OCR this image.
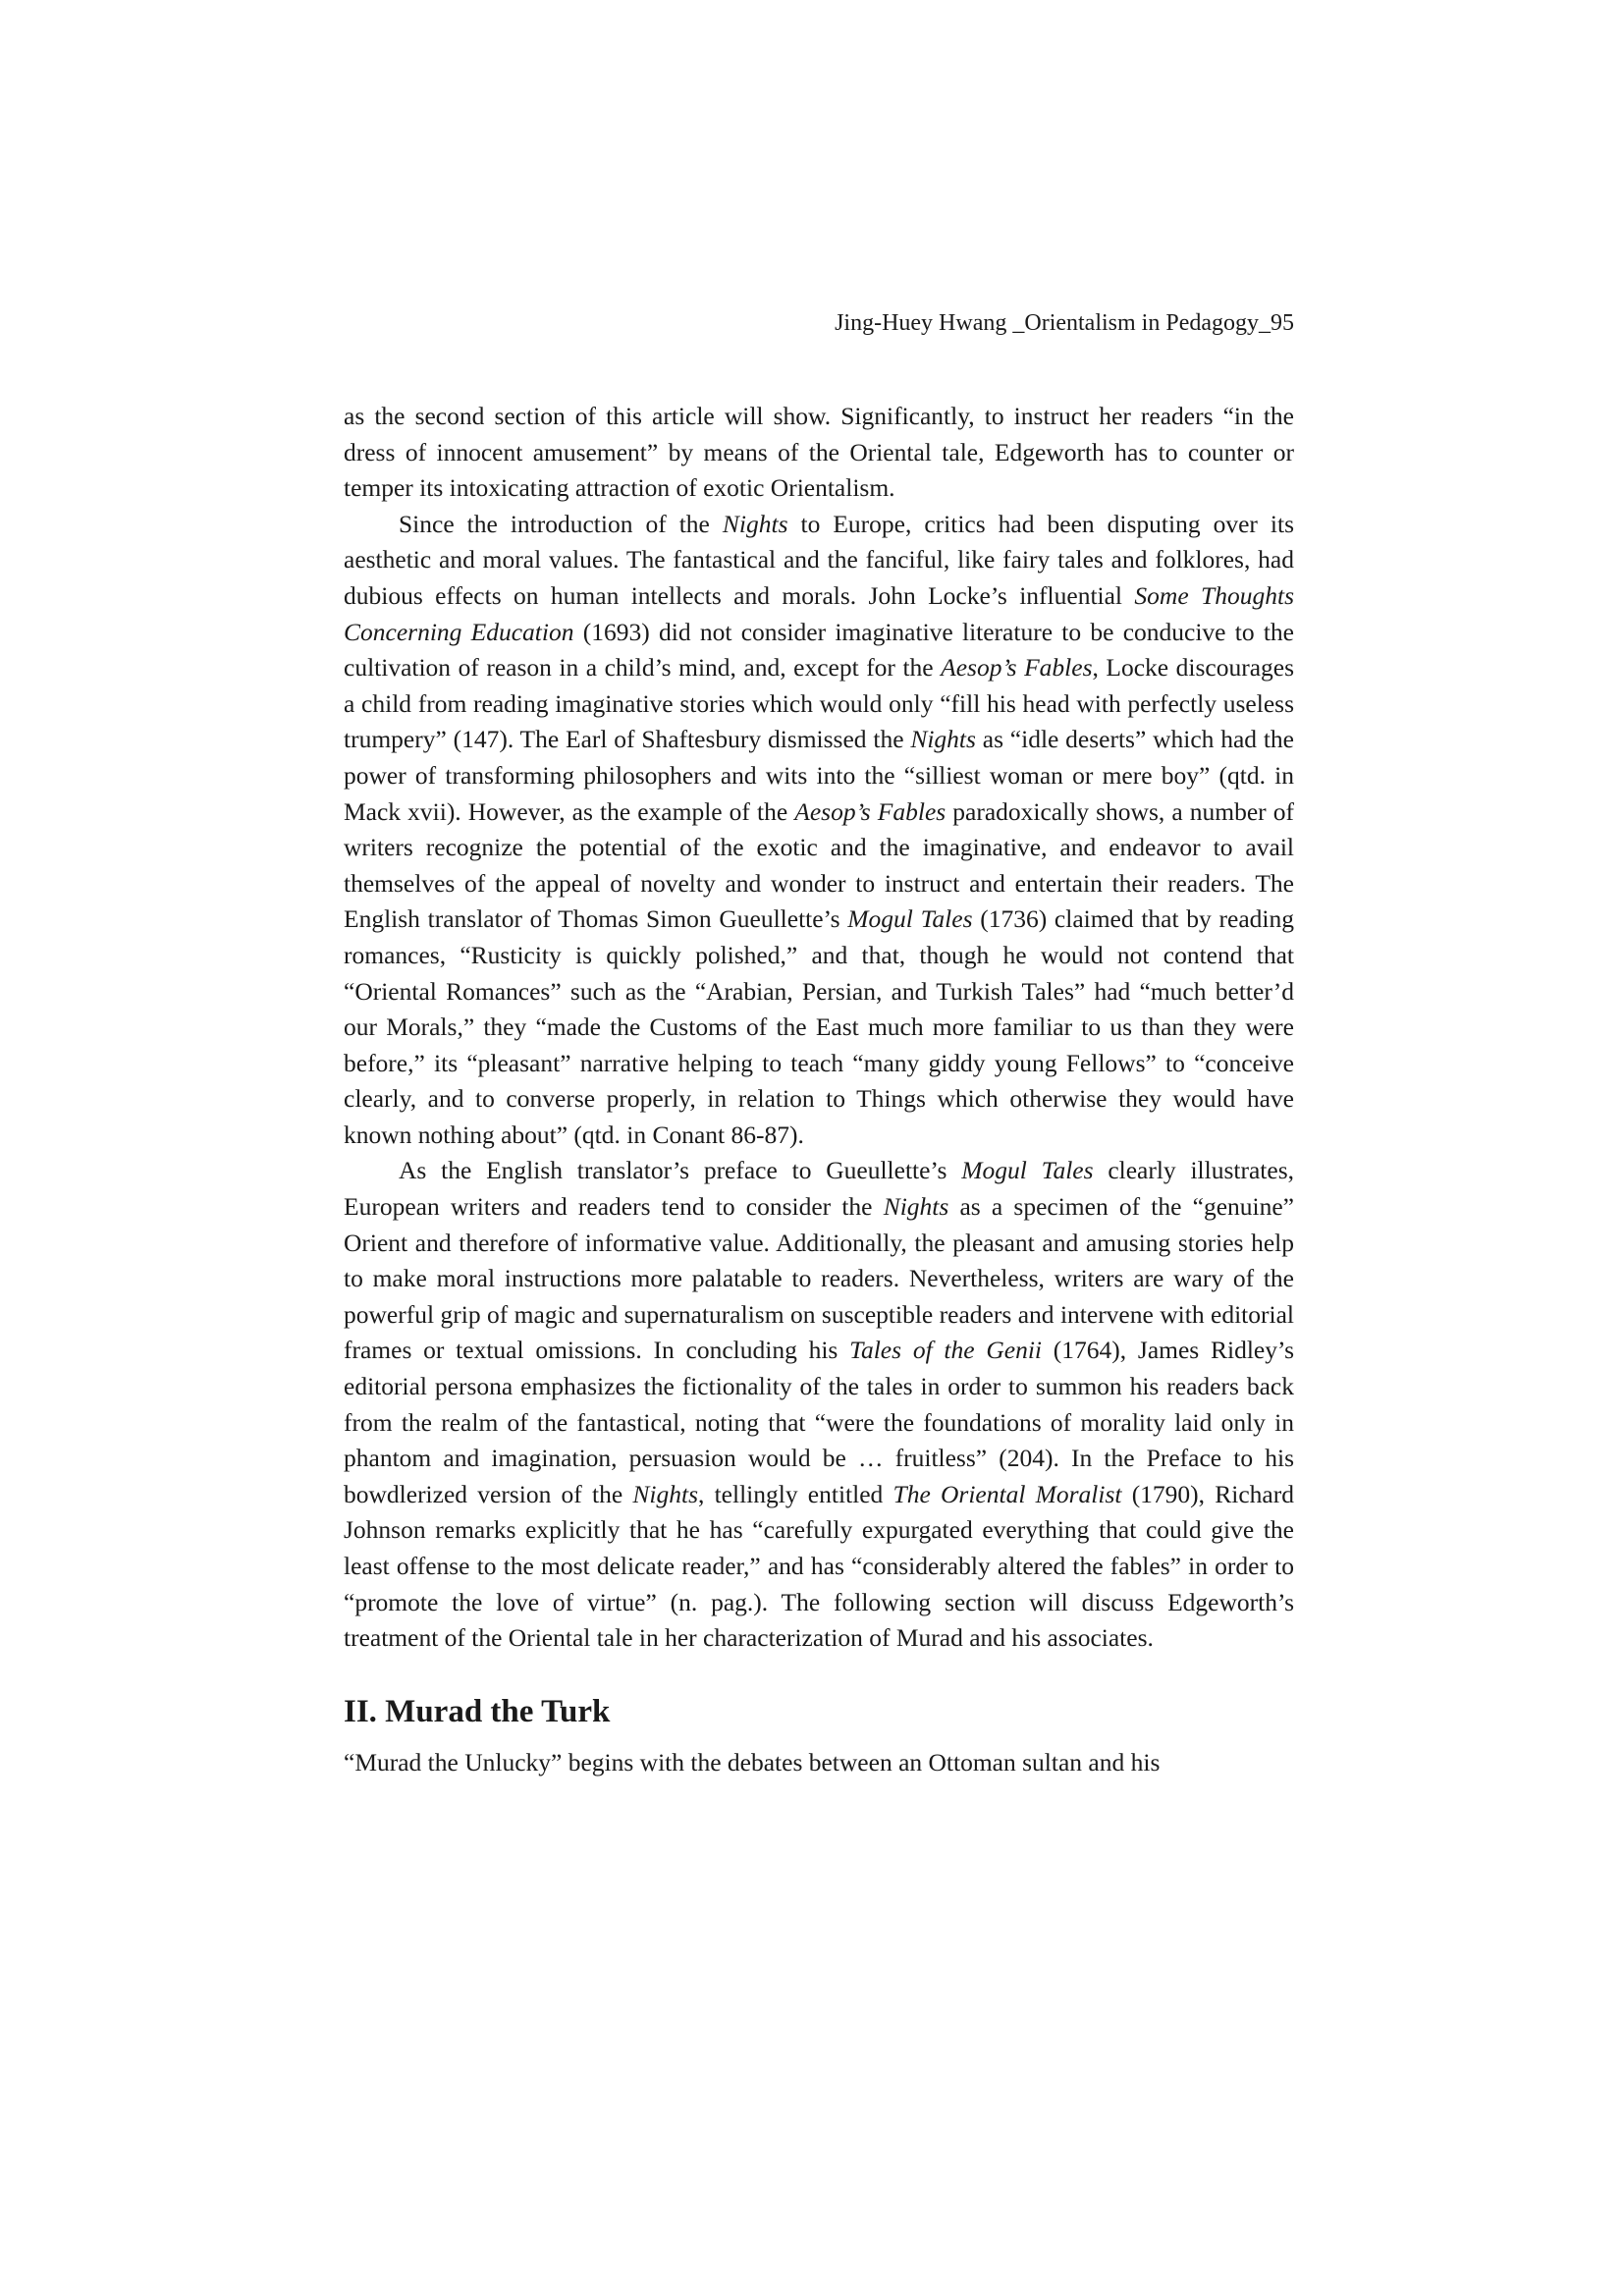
Jing-Huey Hwang _Orientalism in Pedagogy_95

as the second section of this article will show. Significantly, to instruct her readers “in the dress of innocent amusement” by means of the Oriental tale, Edgeworth has to counter or temper its intoxicating attraction of exotic Orientalism.

Since the introduction of the Nights to Europe, critics had been disputing over its aesthetic and moral values. The fantastical and the fanciful, like fairy tales and folklores, had dubious effects on human intellects and morals. John Locke’s influential Some Thoughts Concerning Education (1693) did not consider imaginative literature to be conducive to the cultivation of reason in a child’s mind, and, except for the Aesop’s Fables, Locke discourages a child from reading imaginative stories which would only “fill his head with perfectly useless trumpery” (147). The Earl of Shaftesbury dismissed the Nights as “idle deserts” which had the power of transforming philosophers and wits into the “silliest woman or mere boy” (qtd. in Mack xvii). However, as the example of the Aesop’s Fables paradoxically shows, a number of writers recognize the potential of the exotic and the imaginative, and endeavor to avail themselves of the appeal of novelty and wonder to instruct and entertain their readers. The English translator of Thomas Simon Gueullette’s Mogul Tales (1736) claimed that by reading romances, “Rusticity is quickly polished,” and that, though he would not contend that “Oriental Romances” such as the “Arabian, Persian, and Turkish Tales” had “much better’d our Morals,” they “made the Customs of the East much more familiar to us than they were before,” its “pleasant” narrative helping to teach “many giddy young Fellows” to “conceive clearly, and to converse properly, in relation to Things which otherwise they would have known nothing about” (qtd. in Conant 86-87).

As the English translator’s preface to Gueullette’s Mogul Tales clearly illustrates, European writers and readers tend to consider the Nights as a specimen of the “genuine” Orient and therefore of informative value. Additionally, the pleasant and amusing stories help to make moral instructions more palatable to readers. Nevertheless, writers are wary of the powerful grip of magic and supernaturalism on susceptible readers and intervene with editorial frames or textual omissions. In concluding his Tales of the Genii (1764), James Ridley’s editorial persona emphasizes the fictionality of the tales in order to summon his readers back from the realm of the fantastical, noting that “were the foundations of morality laid only in phantom and imagination, persuasion would be … fruitless” (204). In the Preface to his bowdlerized version of the Nights, tellingly entitled The Oriental Moralist (1790), Richard Johnson remarks explicitly that he has “carefully expurgated everything that could give the least offense to the most delicate reader,” and has “considerably altered the fables” in order to “promote the love of virtue” (n. pag.). The following section will discuss Edgeworth’s treatment of the Oriental tale in her characterization of Murad and his associates.

II. Murad the Turk

“Murad the Unlucky” begins with the debates between an Ottoman sultan and his
